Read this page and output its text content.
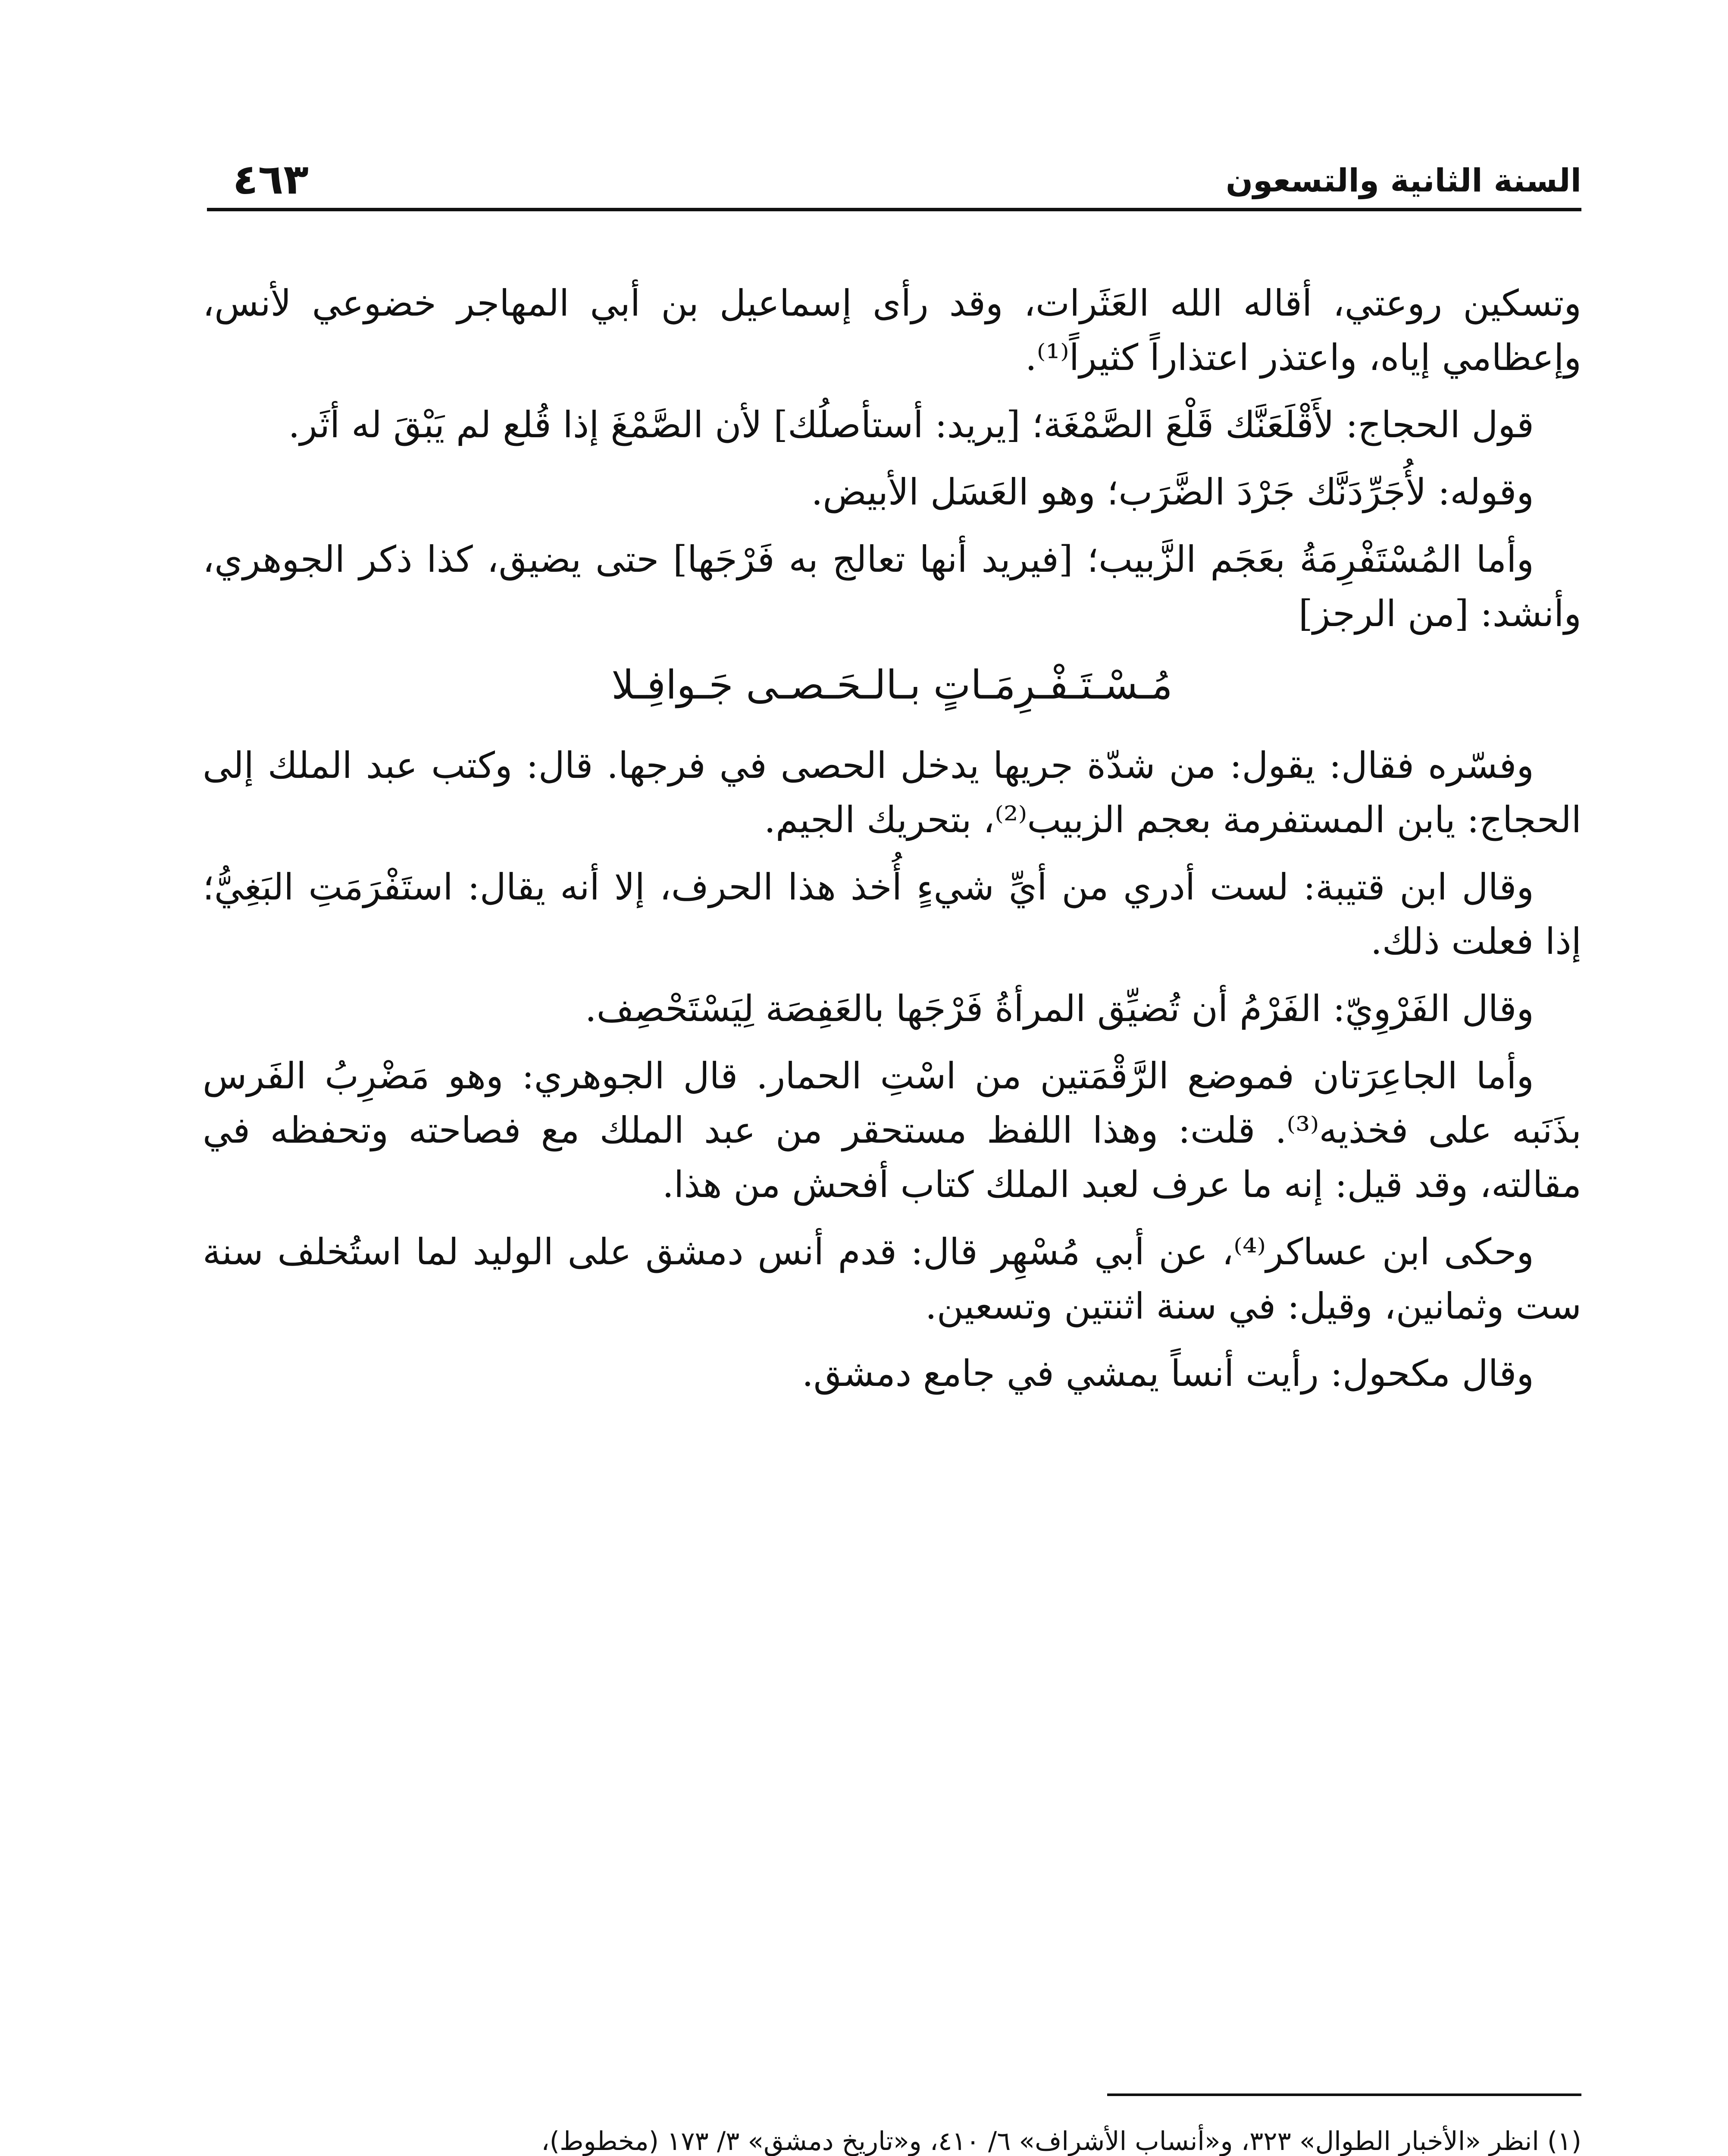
السنة الثانية والتسعون
٤٦٣

وتسكين روعتي، أقاله الله العَثَرات، وقد رأى إسماعيل بن أبي المهاجر خضوعي لأنس، وإعظامي إياه، واعتذر اعتذاراً كثيراً⁽¹⁾.

قول الحجاج: لأَقْلَعَنَّك قَلْعَ الصَّمْغَة؛ [يريد: أستأصلُك] لأن الصَّمْغَ إذا قُلع لم يَبْقَ له أثَر.

وقوله: لأُجَرِّدَنَّك جَرْدَ الضَّرَب؛ وهو العَسَل الأبيض.

وأما المُسْتَفْرِمَةُ بعَجَم الزَّبيب؛ [فيريد أنها تعالج به فَرْجَها] حتى يضيق، كذا ذكر الجوهري، وأنشد: [من الرجز]

مُـسْـتَـفْـرِمَـاتٍ بـالـحَـصـى جَـوافِـلا

وفسّره فقال: يقول: من شدّة جريها يدخل الحصى في فرجها. قال: وكتب عبد الملك إلى الحجاج: يابن المستفرمة بعجم الزبيب⁽²⁾، بتحريك الجيم.

وقال ابن قتيبة: لست أدري من أيِّ شيءٍ أُخذ هذا الحرف، إلا أنه يقال: استَفْرَمَتِ البَغِيُّ؛ إذا فعلت ذلك.

وقال الفَرْوِيّ: الفَرْمُ أن تُضيِّق المرأةُ فَرْجَها بالعَفِصَة لِيَسْتَحْصِف.

وأما الجاعِرَتان فموضع الرَّقْمَتين من اسْتِ الحمار. قال الجوهري: وهو مَضْرِبُ الفَرس بذَنَبه على فخذيه⁽³⁾. قلت: وهذا اللفظ مستحقر من عبد الملك مع فصاحته وتحفظه في مقالته، وقد قيل: إنه ما عرف لعبد الملك كتاب أفحش من هذا.

وحكى ابن عساكر⁽⁴⁾، عن أبي مُسْهِر قال: قدم أنس دمشق على الوليد لما استُخلف سنة ست وثمانين، وقيل: في سنة اثنتين وتسعين.

وقال مكحول: رأيت أنساً يمشي في جامع دمشق.

(١) انظر «الأخبار الطوال» ٣٢٣، و«أنساب الأشراف» ٦/ ٤١٠، و«تاريخ دمشق» ٣/ ١٧٣ (مخطوط)،
